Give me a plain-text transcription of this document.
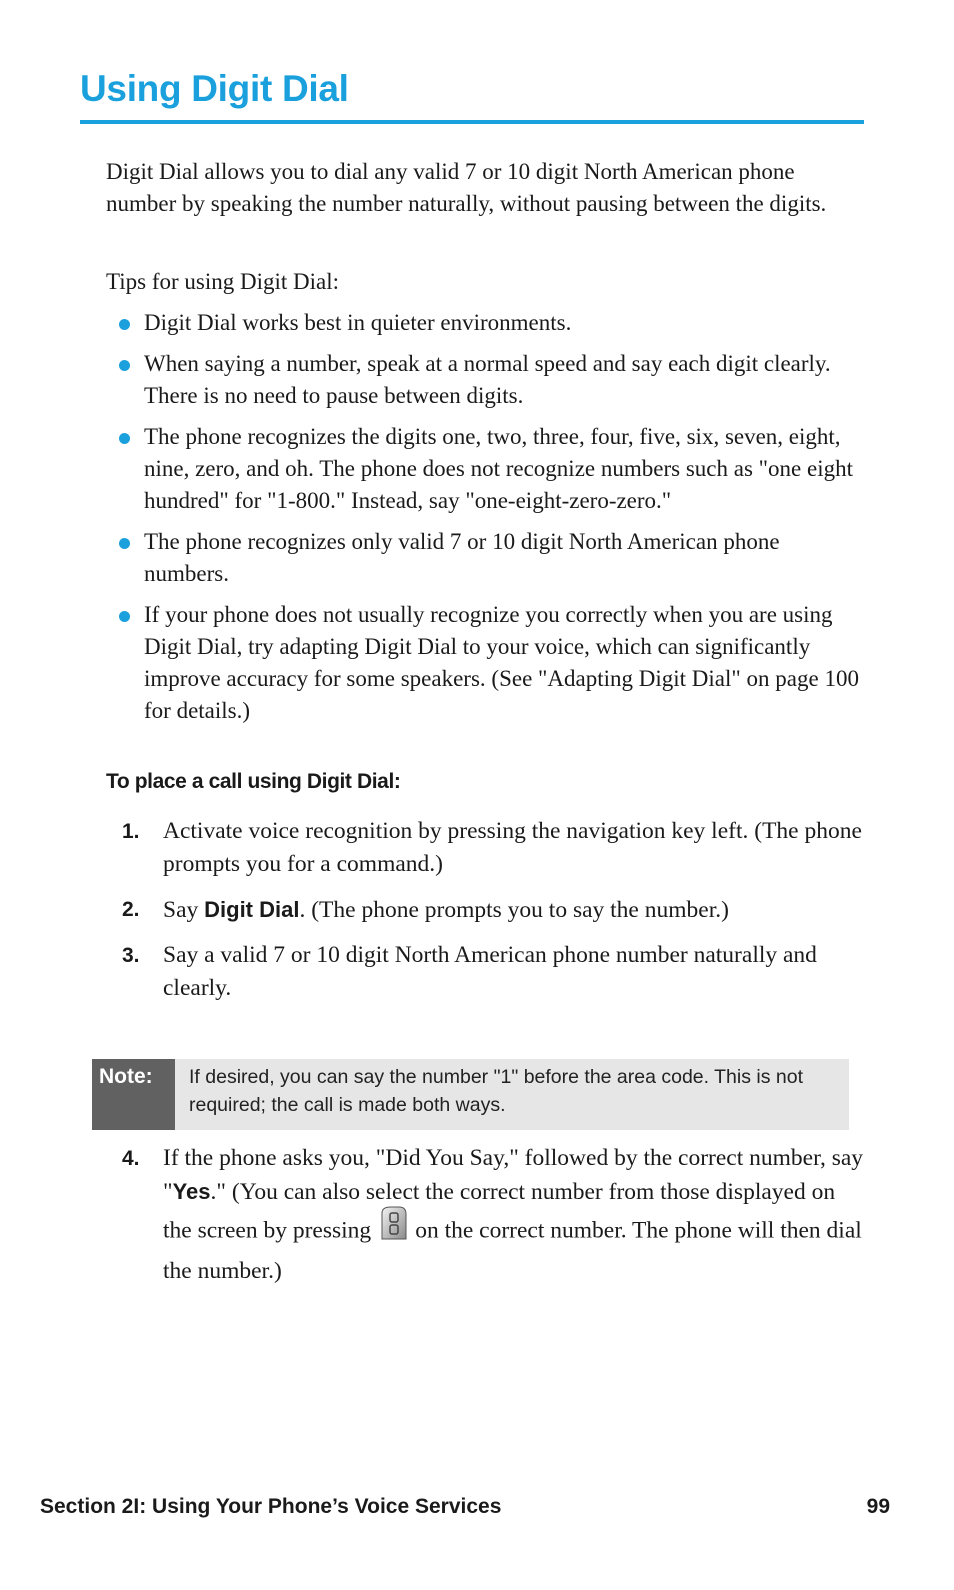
Using Digit Dial

Digit Dial allows you to dial any valid 7 or 10 digit North American phone number by speaking the number naturally, without pausing between the digits.

Tips for using Digit Dial:

Digit Dial works best in quieter environments.
When saying a number, speak at a normal speed and say each digit clearly. There is no need to pause between digits.
The phone recognizes the digits one, two, three, four, five, six, seven, eight, nine, zero, and oh. The phone does not recognize numbers such as "one eight hundred" for "1-800." Instead, say "one-eight-zero-zero."
The phone recognizes only valid 7 or 10 digit North American phone numbers.
If your phone does not usually recognize you correctly when you are using Digit Dial, try adapting Digit Dial to your voice, which can significantly improve accuracy for some speakers. (See "Adapting Digit Dial" on page 100 for details.)
To place a call using Digit Dial:
1. Activate voice recognition by pressing the navigation key left. (The phone prompts you for a command.)
2. Say Digit Dial. (The phone prompts you to say the number.)
3. Say a valid 7 or 10 digit North American phone number naturally and clearly.
Note:	If desired, you can say the number "1" before the area code. This is not required; the call is made both ways.
4. If the phone asks you, "Did You Say," followed by the correct number, say "Yes." (You can also select the correct number from those displayed on the screen by pressing on the correct number. The phone will then dial the number.)
Section 2I: Using Your Phone’s Voice Services	99
